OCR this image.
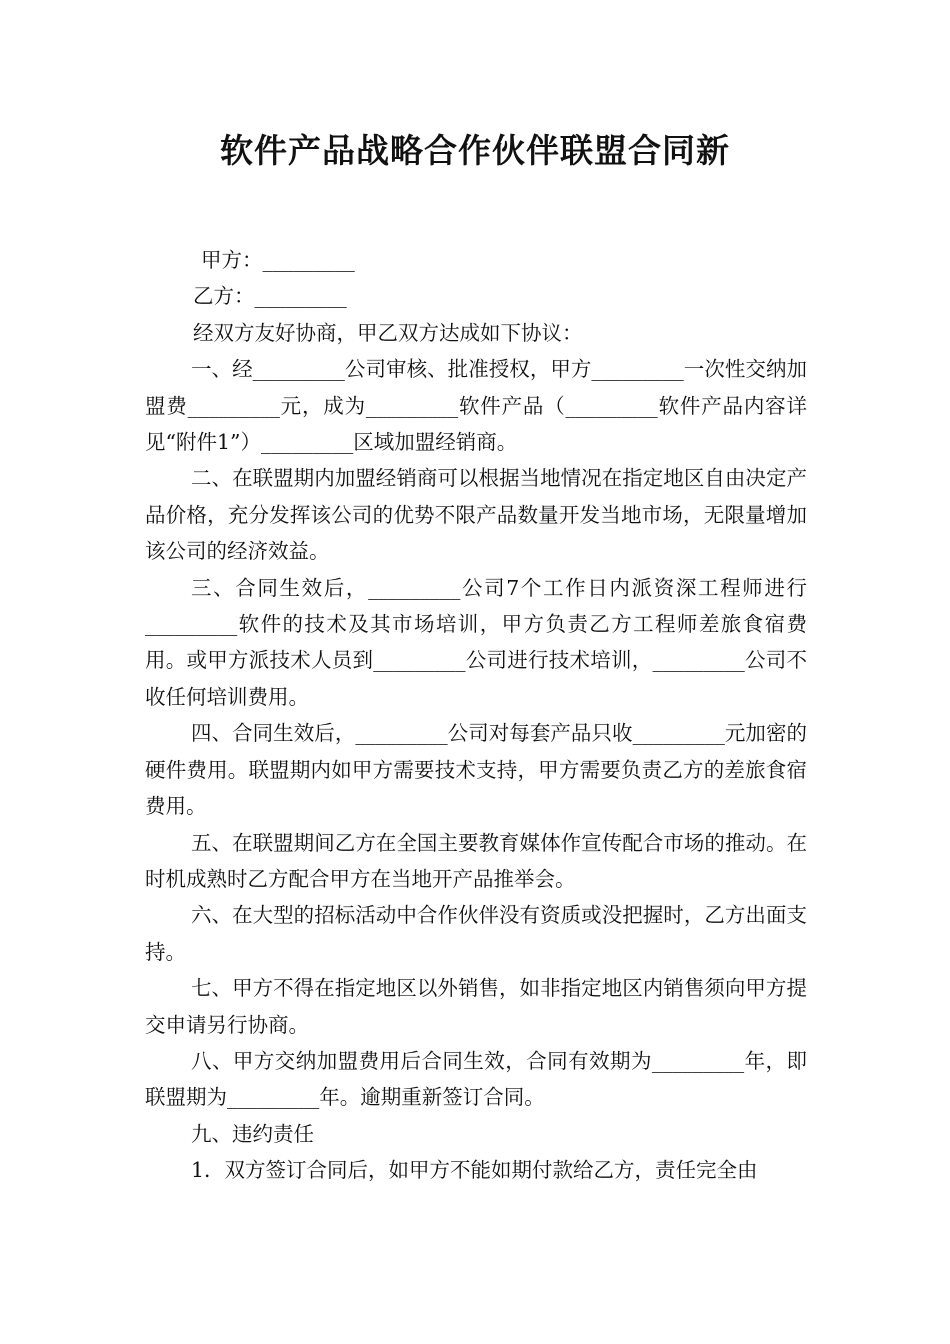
软件产品战略合作伙伴联盟合同新

甲方：_________

乙方：_________

经双方友好协商，甲乙双方达成如下协议：

一、经_________公司审核、批准授权，甲方_________一次性交纳加盟费_________元，成为_________软件产品（_________软件产品内容详见“附件1”）_________区域加盟经销商。

二、在联盟期内加盟经销商可以根据当地情况在指定地区自由决定产品价格，充分发挥该公司的优势不限产品数量开发当地市场，无限量增加该公司的经济效益。

三、合同生效后，_________公司7个工作日内派资深工程师进行_________软件的技术及其市场培训，甲方负责乙方工程师差旅食宿费用。或甲方派技术人员到_________公司进行技术培训，_________公司不收任何培训费用。

四、合同生效后，_________公司对每套产品只收_________元加密的硬件费用。联盟期内如甲方需要技术支持，甲方需要负责乙方的差旅食宿费用。

五、在联盟期间乙方在全国主要教育媒体作宣传配合市场的推动。在时机成熟时乙方配合甲方在当地开产品推举会。

六、在大型的招标活动中合作伙伴没有资质或没把握时，乙方出面支持。

七、甲方不得在指定地区以外销售，如非指定地区内销售须向甲方提交申请另行协商。

八、甲方交纳加盟费用后合同生效，合同有效期为_________年，即联盟期为_________年。逾期重新签订合同。

九、违约责任

1．双方签订合同后，如甲方不能如期付款给乙方，责任完全由
